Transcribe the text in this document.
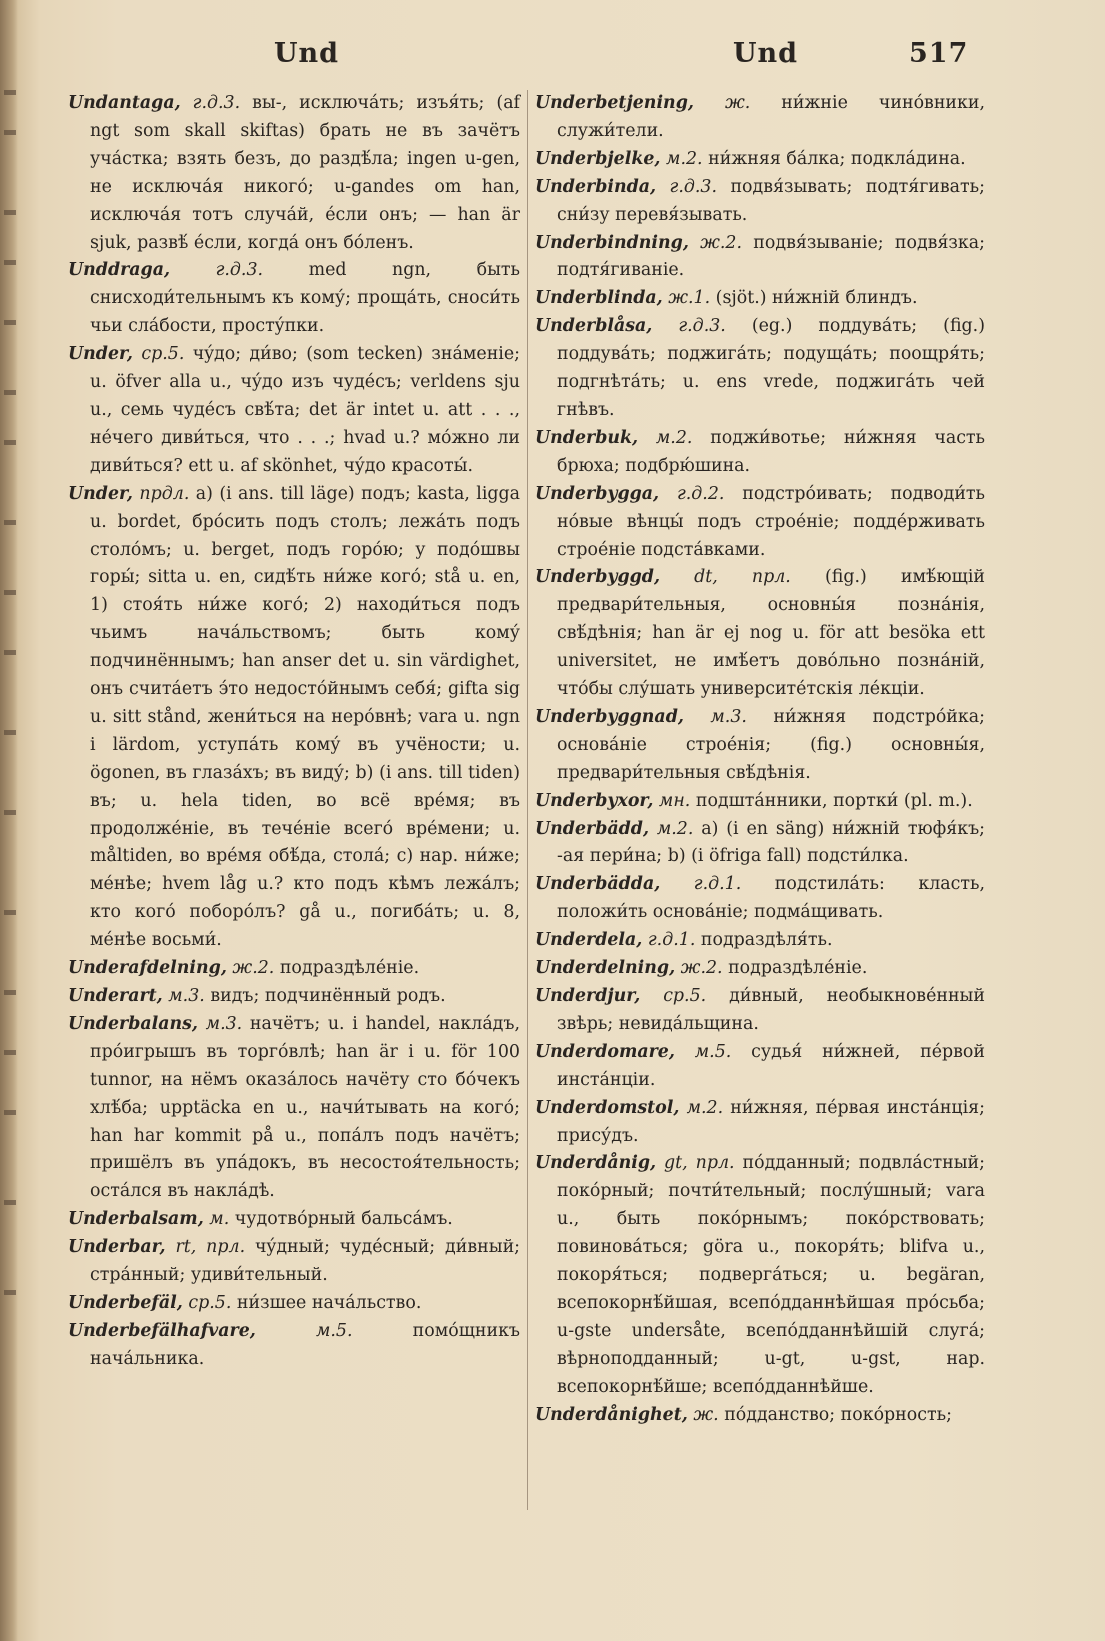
Und	Und	517

Undantaga, г.д.3. вы-, исключáть; изъя́ть; (af ngt som skall skiftas) брать не въ зачётъ учáстка; взять безъ, до раздѣ́ла; ingen u-gen, не исключáя никогó; u-gandes om han, исключáя тотъ случáй, éсли онъ; — han är sjuk, развѣ́ éсли, когдá онъ бóленъ.

Unddraga,	г.д.3.	med ngn, быть снисходи́тельнымъ къ кому́; прощáть, сноси́ть чьи слáбости, простýпки.

Under, ср.5. чýдо; ди́во; (som tecken) знáменіе; u. öfver alla u., чýдо изъ чудéсъ; verldens sju u., семь чудéсъ свѣ́та; det är intet u. att . . ., нéчего диви́ться, что . . .; hvad u.? мóжно ли диви́ться? ett u. af skönhet, чýдо красоты́.

Under, прдл. a) (i ans. till läge) подъ; kasta, ligga u. bordet, брóсить подъ столъ; лежáть подъ столóмъ; u. berget, подъ горóю; у подóшвы горы́; sitta u. en, сидѣ́ть ни́же когó; stå u. en, 1) стоя́ть ни́же когó; 2) находи́ться подъ чьимъ начáльствомъ; быть кому́ подчинённымъ; han anser det u. sin värdighet, онъ считáетъ э́то недостóйнымъ себя́; gifta sig u. sitt stånd, жени́ться на нерóвнѣ; vara u. ngn i lärdom, уступáть кому́ въ учёности; u. ögonen, въ глазáхъ; въ виду́; b) (i ans. till tiden) въ; u. hela tiden, во всё врéмя; въ продолжéніе, въ течéніе всегó врéмени; u. måltiden, во врéмя обѣ́да, столá; c) нар. ни́же; мéнѣе; hvem låg u.? кто подъ кѣмъ лежáлъ; кто когó поборóлъ? gå u., погибáть; u. 8, мéнѣе восьми́.

Underafdelning, ж.2. подраздѣлéніе.

Underart, м.3. видъ; подчинённый родъ.

Underbalans, м.3. начётъ; u. i handel, наклáдъ, прóигрышъ въ торгóвлѣ; han är i u. för 100 tunnor, на нёмъ оказáлось начёту сто бóчекъ хлѣ́ба; upptäcka en u., начи́тывать на когó; han har kommit på u., попáлъ подъ начётъ; пришёлъ въ упáдокъ, въ несостоя́тельность; остáлся въ наклáдѣ.

Underbalsam, м. чудотвóрный бальсáмъ.

Underbar, rt, прл. чýдный; чудéсный; ди́вный; стрáнный; удиви́тельный.

Underbefäl, ср.5. ни́зшее начáльство.

Underbefälhafvare,	м.5.	помóщникъ начáльника.

Underbetjening, ж. ни́жніе чинóвники, служи́тели.

Underbjelke, м.2. ни́жняя бáлка; подклáдина.

Underbinda, г.д.3. подвя́зывать; подтя́гивать; сни́зу перевя́зывать.

Underbindning, ж.2. подвя́зываніе; подвя́зка; подтя́гиваніе.

Underblinda, ж.1. (sjöt.) ни́жній блиндъ.

Underblåsa, г.д.3. (eg.) поддувáть; (fig.) поддувáть; поджигáть; подущáть; поощря́ть; подгнѣтáть; u. ens vrede, поджигáть чей гнѣвъ.

Underbuk, м.2. поджи́вотье; ни́жняя часть брюха; подбрю́шина.

Underbygga, г.д.2. подстрóивать; подводи́ть нóвые вѣнцы́ подъ строéніе; поддéрживать строéніе подстáвками.

Underbyggd, dt, прл. (fig.) имѣ́ющій предвари́тельныя, основны́я познáнія, свѣ́дѣнія; han är ej nog u. för att besöka ett universitet, не имѣ́етъ довóльно познáній, чтóбы слу́шать университéтскія лéкціи.

Underbyggnad, м.3. ни́жняя подстрóйка; основáніе строéнія; (fig.) основны́я, предвари́тельныя свѣ́дѣнія.

Underbyxor, мн. подштáнники, портки́ (pl. m.).

Underbädd, м.2. a) (i en säng) ни́жній тюфя́къ; -ая пери́на; b) (i öfriga fall) подсти́лка.

Underbädda, г.д.1. подстилáть: класть, положи́ть основáніе; подмáщивать.

Underdela, г.д.1. подраздѣля́ть.

Underdelning, ж.2. подраздѣлéніе.

Underdjur, ср.5. ди́вный, необыкновéнный звѣрь; невидáльщина.

Underdomare, м.5. судья́ ни́жней, пéрвой инстáнціи.

Underdomstol, м.2. ни́жняя, пéрвая инстáнція; прису́дъ.

Underdånig, gt, прл. пóдданный; подвлáстный; покóрный; почти́тельный; послу́шный; vara u., быть покóрнымъ; покóрствовать; повиновáться; göra u., покоря́ть; blifva u., покоря́ться; подвергáться; u. begäran, всепокорнѣ́йшая, всепóдданнѣйшая прóсьба; u-gste undersåte, всепóдданнѣйшій слугá; вѣрноподданный; u-gt, u-gst, нар. всепокорнѣ́йше; всепóдданнѣйше.

Underdånighet, ж. пóдданство; покóрность;
